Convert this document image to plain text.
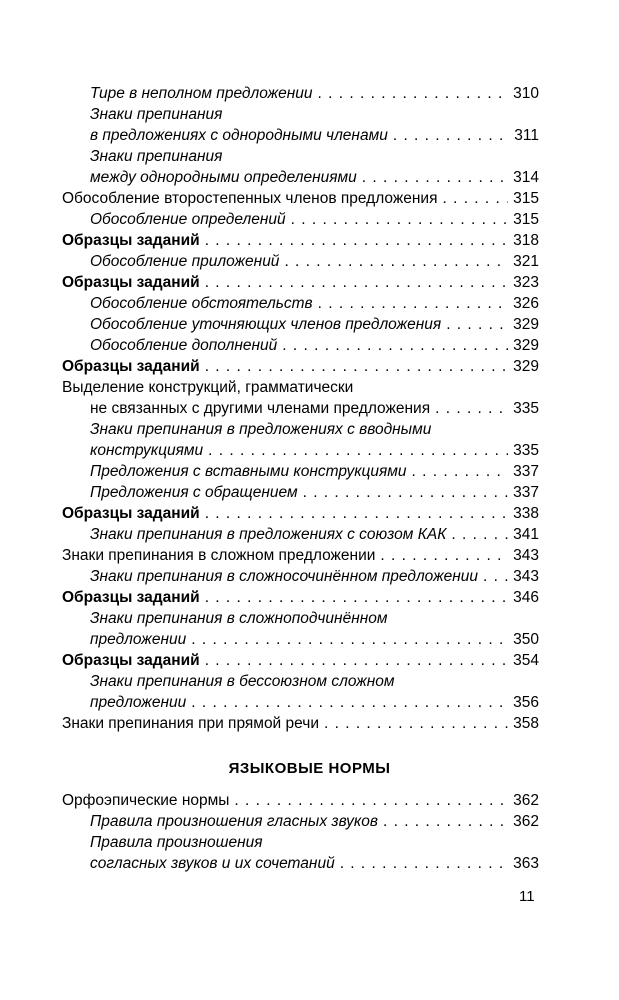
Тире в неполном предложении . . .	310
Знаки препинания
в предложениях с однородными членами . . .	311
Знаки препинания
между однородными определениями . . .	314
Обособление второстепенных членов предложения . . .	315
Обособление определений . . .	315
Образцы заданий . . .	318
Обособление приложений . . .	321
Образцы заданий . . .	323
Обособление обстоятельств . . .	326
Обособление уточняющих членов предложения . . .	329
Обособление дополнений . . .	329
Образцы заданий . . .	329
Выделение конструкций, грамматически
не связанных с другими членами предложения . . .	335
Знаки препинания в предложениях с вводными
конструкциями . . .	335
Предложения с вставными конструкциями . . .	337
Предложения с обращением . . .	337
Образцы заданий . . .	338
Знаки препинания в предложениях с союзом КАК . . .	341
Знаки препинания в сложном предложении . . .	343
Знаки препинания в сложносочинённом предложении . . . 343
Образцы заданий . . .	346
Знаки препинания в сложноподчинённом
предложении . . .	350
Образцы заданий . . .	354
Знаки препинания в бессоюзном сложном
предложении . . .	356
Знаки препинания при прямой речи . . .	358
ЯЗЫКОВЫЕ НОРМЫ
Орфоэпические нормы . . .	362
Правила произношения гласных звуков . . .	362
Правила произношения
согласных звуков и их сочетаний . . .	363
11
